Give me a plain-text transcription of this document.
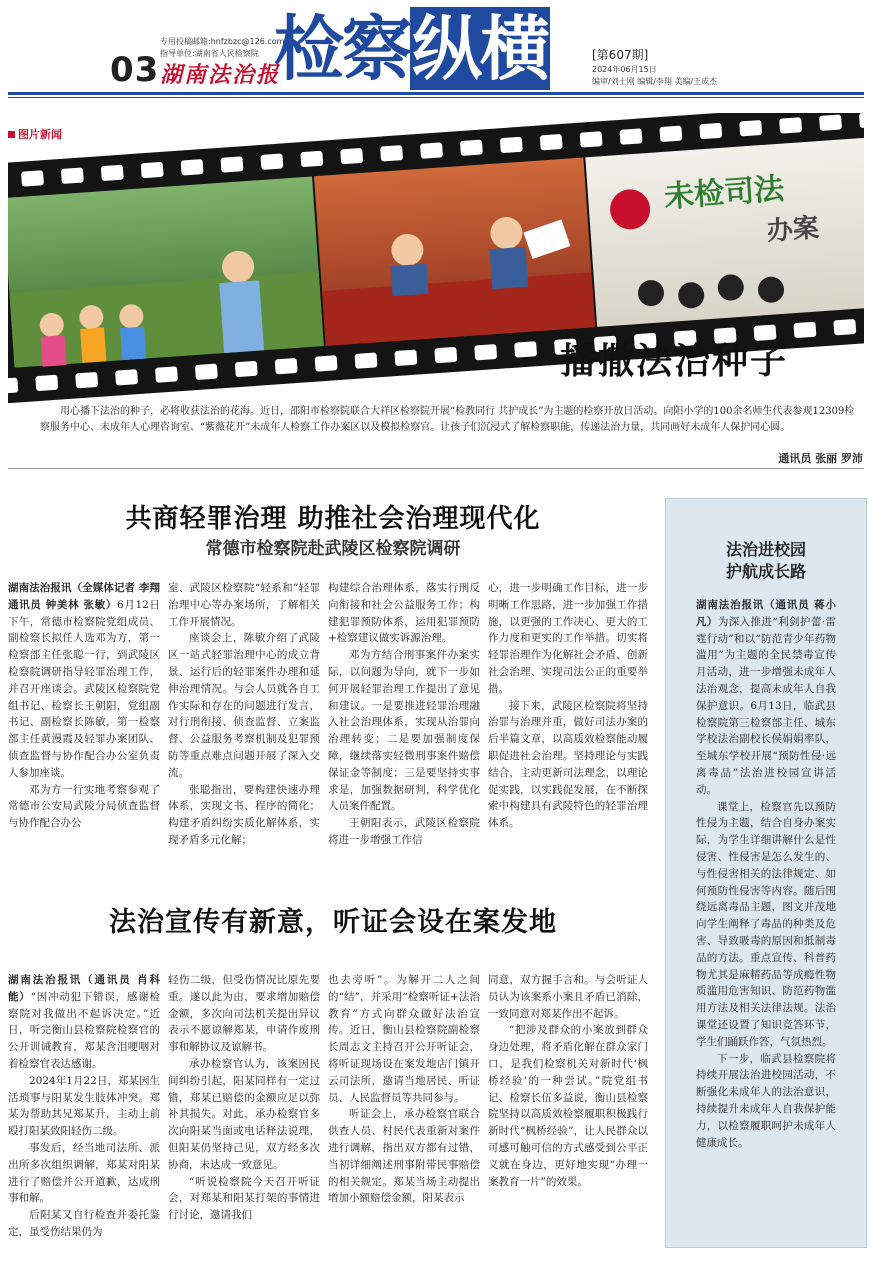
专用投稿邮箱:hnfzbzc@126.com
指导单位:湖南省人民检察院
03 湖南法治报
检察纵横	[第607期]
2024年06月15日
编审/刘士刚 编辑/李翔 美编/王成杰
未检司法
办案
图片新闻
播撒法治种子
用心播下法治的种子，必将收获法治的花海。近日，邵阳市检察院联合大祥区检察院开展“检教同行 共护成长”为主题的检察开放日活动。向阳小学的100余名师生代表参观12309检察服务中心、未成年人心理咨询室、“紫薇花开”未成年人检察工作办案区以及模拟检察官。让孩子们沉浸式了解检察职能，传递法治力量，共同画好未成年人保护同心圆。
通讯员 张丽 罗沛
共商轻罪治理 助推社会治理现代化
常德市检察院赴武陵区检察院调研

湖南法治报讯（全媒体记者 李翔 通讯员 钟美林 张敏）6月12日下午，常德市检察院党组成员、副检察长拟任人选邓为方，第一检察部主任张聪一行，到武陵区检察院调研指导轻罪治理工作，并召开座谈会。武陵区检察院党组书记、检察长王朝阳，党组副书记、副检察长陈敏，第一检察部主任黄漫霞及轻罪办案团队、侦查监督与协作配合办公室负责人参加座谈。

邓为方一行实地考察参观了常德市公安局武陵分局侦查监督与协作配合办公

室、武陵区检察院“轻系和”轻罪治理中心等办案场所，了解相关工作开展情况。

座谈会上，陈敏介绍了武陵区一站式轻罪治理中心的成立背景、运行后的轻罪案件办理和延伸治理情况。与会人员就各自工作实际和存在的问题进行发言，对行刑衔接、侦查监督、立案监督、公益服务考察机制及犯罪预防等重点难点问题开展了深入交流。

张聪指出，要构建快速办理体系，实现文书、程序的简化；构建矛盾纠纷实质化解体系，实现矛盾多元化解；

构建综合治理体系，落实行刑反向衔接和社会公益服务工作；构建犯罪预防体系，运用犯罪预防+检察建议做实诉源治理。

邓为方结合刑事案件办案实际，以问题为导向，就下一步如何开展轻罪治理工作提出了意见和建议。一是要推进轻罪治理融入社会治理体系，实现从治罪向治理转变；二是要加强制度保障，继续落实轻微刑事案件赔偿保证金等制度；三是要坚持实事求是，加强数据研判，科学优化人员案件配置。

王朝阳表示，武陵区检察院将进一步增强工作信

心，进一步明确工作目标，进一步明晰工作思路，进一步加强工作措施，以更强的工作决心、更大的工作力度和更实的工作举措。切实将轻罪治理作为化解社会矛盾、创新社会治理、实现司法公正的重要举措。

接下来，武陵区检察院将坚持治罪与治理并重，做好司法办案的后半篇文章，以高质效检察能动履职促进社会治理。坚持理论与实践结合，主动更新司法理念，以理论促实践，以实践促发展，在不断探索中构建具有武陵特色的轻罪治理体系。

法治宣传有新意，听证会设在案发地

湖南法治报讯（通讯员 肖科能）“因冲动犯下错误，感谢检察院对我做出不起诉决定。”近日，听完衡山县检察院检察官的公开训诫教育，郑某含泪哽咽对着检察官表达感谢。

2024年1月22日，郑某因生活琐事与阳某发生肢体冲突。郑某为帮助其兄郑某升，主动上前殴打阳某致阳轻伤二级。

事发后，经当地司法所、派出所多次组织调解，郑某对阳某进行了赔偿并公开道歉，达成刑事和解。

后阳某又自行检查并委托鉴定，虽受伤结果仍为

轻伤二级，但受伤情况比原先要重。遂以此为由，要求增加赔偿金额，多次向司法机关提出异议表示不愿谅解郑某，申请作废刑事和解协议及谅解书。

承办检察官认为，该案因民间纠纷引起，阳某同样有一定过错，郑某已赔偿的金额应足以弥补其损失。对此，承办检察官多次向阳某当面或电话释法说理，但阳某仍坚持己见，双方经多次协商，未达成一致意见。

“听说检察院今天召开听证会，对郑某和阳某打架的事情进行讨论，邀请我们

也去旁听”。为解开二人之间的“结”，并采用“检察听证+法治教育”方式向群众做好法治宣传。近日，衡山县检察院副检察长周志文主持召开公开听证会，将听证现场设在案发地店门镇开云司法所，邀请当地居民、听证员、人民监督员等共同参与。

听证会上，承办检察官联合供查人员、村民代表重新对案件进行调解，指出双方都有过错，当初详细阐述刑事附带民事赔偿的相关规定。郑某当场主动提出增加小额赔偿金额，阳某表示

同意，双方握手言和。与会听证人员认为该案系小案且矛盾已消除，一致同意对郑某作出不起诉。

“把涉及群众的小案放到群众身边处理，将矛盾化解在群众家门口，是我们检察机关对新时代‘枫桥经验’的一种尝试。”院党组书记、检察长伍多益说，衡山县检察院坚持以高质效检察履职积极践行新时代“枫桥经验”，让人民群众以可感可触可信的方式感受到公平正义就在身边，更好地实现“办理一案教育一片”的效果。

法治进校园
护航成长路

湖南法治报讯（通讯员 蒋小凡）为深入推进“利剑护蕾·雷霆行动”和以“防范青少年药物滥用”为主题的全民禁毒宣传月活动，进一步增强未成年人法治观念，提高未成年人自我保护意识。6月13日，临武县检察院第三检察部主任、城东学校法治副校长侯娟娟率队，至城东学校开展“预防性侵·远离毒品”法治进校园宣讲活动。

课堂上，检察官先以预防性侵为主题，结合自身办案实际，为学生详细讲解什么是性侵害、性侵害是怎么发生的、与性侵害相关的法律规定、如何预防性侵害等内容。随后围绕远离毒品主题，图文并茂地向学生阐释了毒品的种类及危害、导致吸毒的原因和抵制毒品的方法。重点宣传、科普药物尤其是麻精药品等成瘾性物质滥用危害知识、防范药物滥用方法及相关法律法规。法治课堂还设置了知识竞答环节，学生们踊跃作答，气氛热烈。

下一步，临武县检察院将持续开展法治进校园活动，不断强化未成年人的法治意识，持续提升未成年人自我保护能力，以检察履职呵护未成年人健康成长。
